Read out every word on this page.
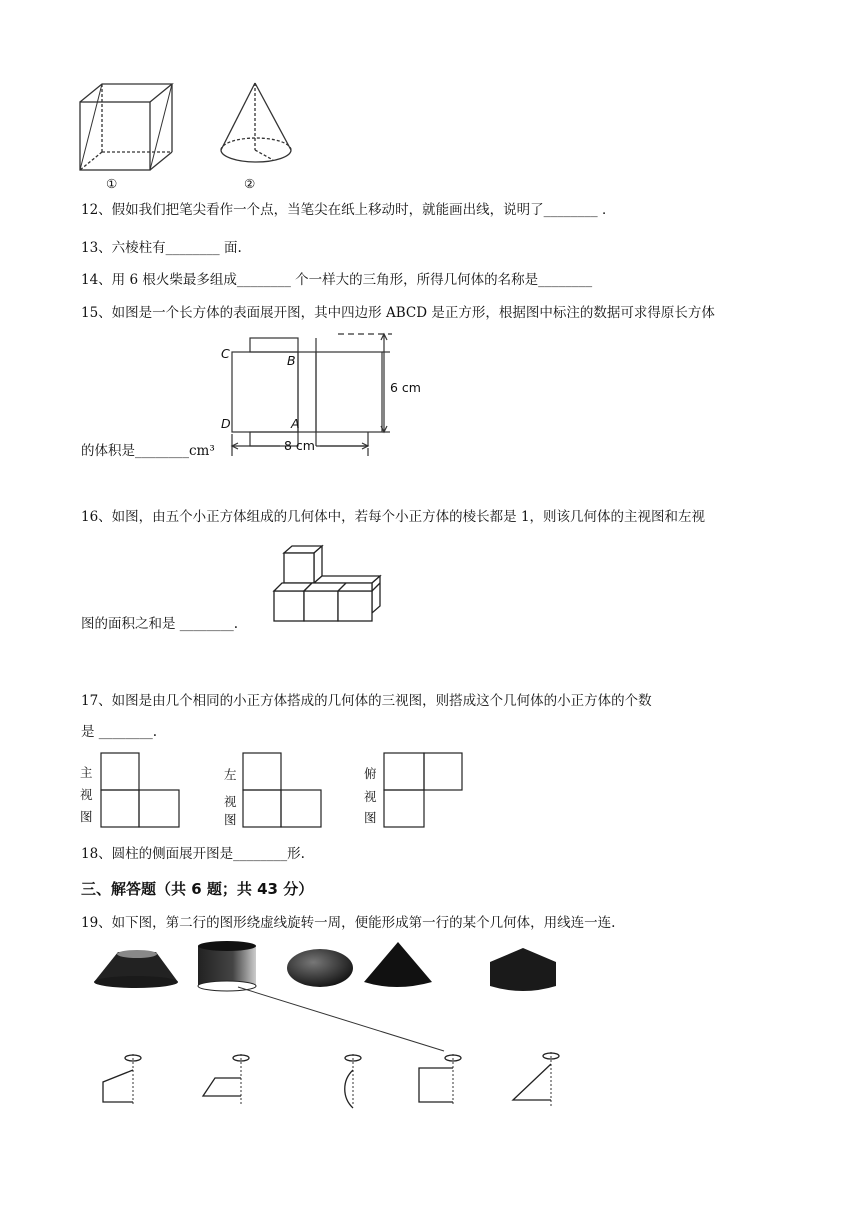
①	②
12、假如我们把笔尖看作一个点，当笔尖在纸上移动时，就能画出线，说明了________ ．
13、六棱柱有________ 面.
14、用 6 根火柴最多组成________ 个一样大的三角形，所得几何体的名称是________
15、如图是一个长方体的表面展开图，其中四边形 ABCD 是正方形，根据图中标注的数据可求得原长方体
C	B
D	A
6 cm
8 cm
的体积是________cm³
16、如图，由五个小正方体组成的几何体中，若每个小正方体的棱长都是 1，则该几何体的主视图和左视
图的面积之和是 ________.
17、如图是由几个相同的小正方体搭成的几何体的三视图，则搭成这个几何体的小正方体的个数
是 ________.
主
视
图
左
视
图
俯
视
图
18、圆柱的侧面展开图是________形.
三、解答题（共 6 题；共 43 分）
19、如下图，第二行的图形绕虚线旋转一周，便能形成第一行的某个几何体，用线连一连.
